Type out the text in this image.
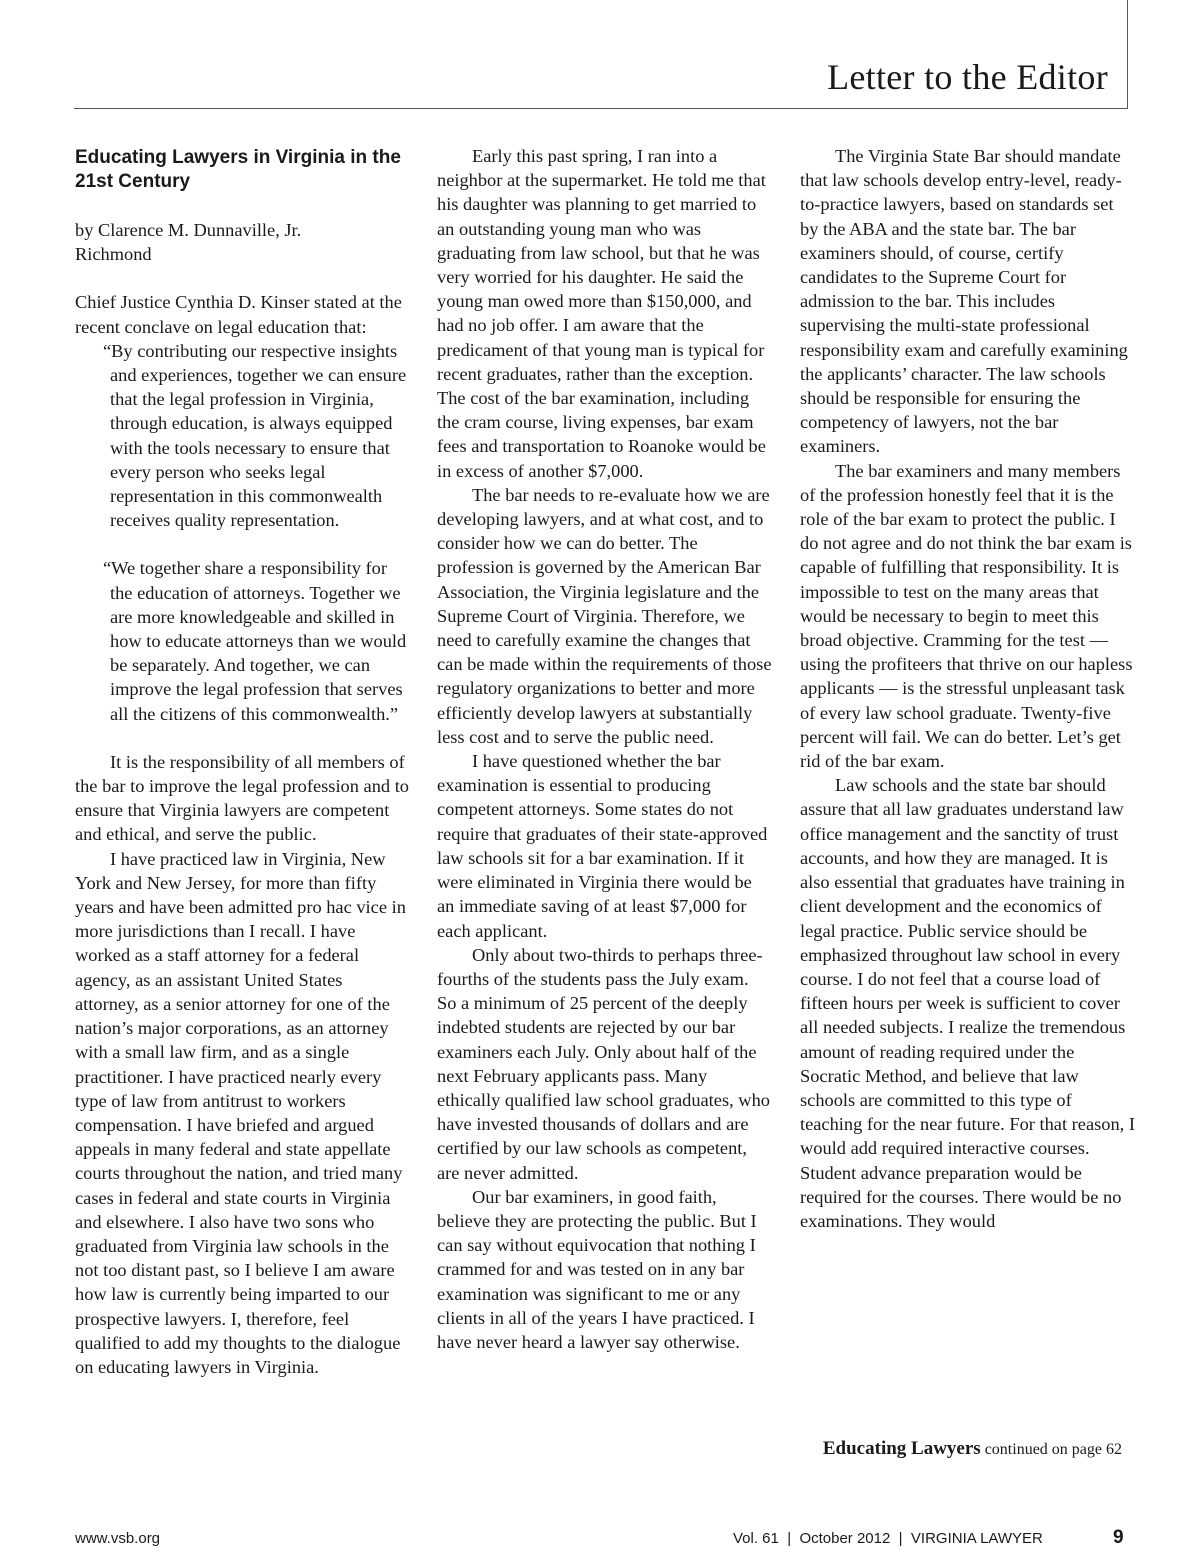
Letter to the Editor
Educating Lawyers in Virginia in the 21st Century

by Clarence M. Dunnaville, Jr.

Richmond

Chief Justice Cynthia D. Kinser stated at the recent conclave on legal education that:

“By contributing our respective insights and experiences, together we can ensure that the legal profession in Virginia, through education, is always equipped with the tools necessary to ensure that every person who seeks legal representation in this commonwealth receives quality representation.

“We together share a responsibility for the education of attorneys. Together we are more knowledgeable and skilled in how to educate attorneys than we would be separately. And together, we can improve the legal profession that serves all the citizens of this commonwealth.”

It is the responsibility of all members of the bar to improve the legal profession and to ensure that Virginia lawyers are competent and ethical, and serve the public.

I have practiced law in Virginia, New York and New Jersey, for more than fifty years and have been admitted pro hac vice in more jurisdictions than I recall. I have worked as a staff attorney for a federal agency, as an assistant United States attorney, as a senior attorney for one of the nation’s major corporations, as an attorney with a small law firm, and as a single practitioner. I have practiced nearly every type of law from antitrust to workers compensation. I have briefed and argued appeals in many federal and state appellate courts throughout the nation, and tried many cases in federal and state courts in Virginia and elsewhere. I also have two sons who graduated from Virginia law schools in the not too distant past, so I believe I am aware how law is currently being imparted to our prospective lawyers. I, therefore, feel qualified to add my thoughts to the dialogue on educating lawyers in Virginia.

Early this past spring, I ran into a neighbor at the supermarket. He told me that his daughter was planning to get married to an outstanding young man who was graduating from law school, but that he was very worried for his daughter. He said the young man owed more than $150,000, and had no job offer. I am aware that the predicament of that young man is typical for recent graduates, rather than the exception. The cost of the bar examination, including the cram course, living expenses, bar exam fees and transportation to Roanoke would be in excess of another $7,000.

The bar needs to re-evaluate how we are developing lawyers, and at what cost, and to consider how we can do better. The profession is governed by the American Bar Association, the Virginia legislature and the Supreme Court of Virginia. Therefore, we need to carefully examine the changes that can be made within the requirements of those regulatory organizations to better and more efficiently develop lawyers at substantially less cost and to serve the public need.

I have questioned whether the bar examination is essential to producing competent attorneys. Some states do not require that graduates of their state-approved law schools sit for a bar examination. If it were eliminated in Virginia there would be an immediate saving of at least $7,000 for each applicant.

Only about two-thirds to perhaps three-fourths of the students pass the July exam. So a minimum of 25 percent of the deeply indebted students are rejected by our bar examiners each July. Only about half of the next February applicants pass. Many ethically qualified law school graduates, who have invested thousands of dollars and are certified by our law schools as competent, are never admitted.

Our bar examiners, in good faith, believe they are protecting the public. But I can say without equivocation that nothing I crammed for and was tested on in any bar examination was significant to me or any clients in all of the years I have practiced. I have never heard a lawyer say otherwise.

The Virginia State Bar should mandate that law schools develop entry-level, ready-to-practice lawyers, based on standards set by the ABA and the state bar. The bar examiners should, of course, certify candidates to the Supreme Court for admission to the bar. This includes supervising the multi-state professional responsibility exam and carefully examining the applicants’ character. The law schools should be responsible for ensuring the competency of lawyers, not the bar examiners.

The bar examiners and many members of the profession honestly feel that it is the role of the bar exam to protect the public. I do not agree and do not think the bar exam is capable of fulfilling that responsibility. It is impossible to test on the many areas that would be necessary to begin to meet this broad objective. Cramming for the test — using the profiteers that thrive on our hapless applicants — is the stressful unpleasant task of every law school graduate. Twenty-five percent will fail. We can do better. Let’s get rid of the bar exam.

Law schools and the state bar should assure that all law graduates understand law office management and the sanctity of trust accounts, and how they are managed. It is also essential that graduates have training in client development and the economics of legal practice. Public service should be emphasized throughout law school in every course. I do not feel that a course load of fifteen hours per week is sufficient to cover all needed subjects. I realize the tremendous amount of reading required under the Socratic Method, and believe that law schools are committed to this type of teaching for the near future. For that reason, I would add required interactive courses. Student advance preparation would be required for the courses. There would be no examinations. They would

Educating Lawyers continued on page 62
www.vsb.org	Vol. 61  |  October 2012  |  VIRGINIA LAWYER	9
